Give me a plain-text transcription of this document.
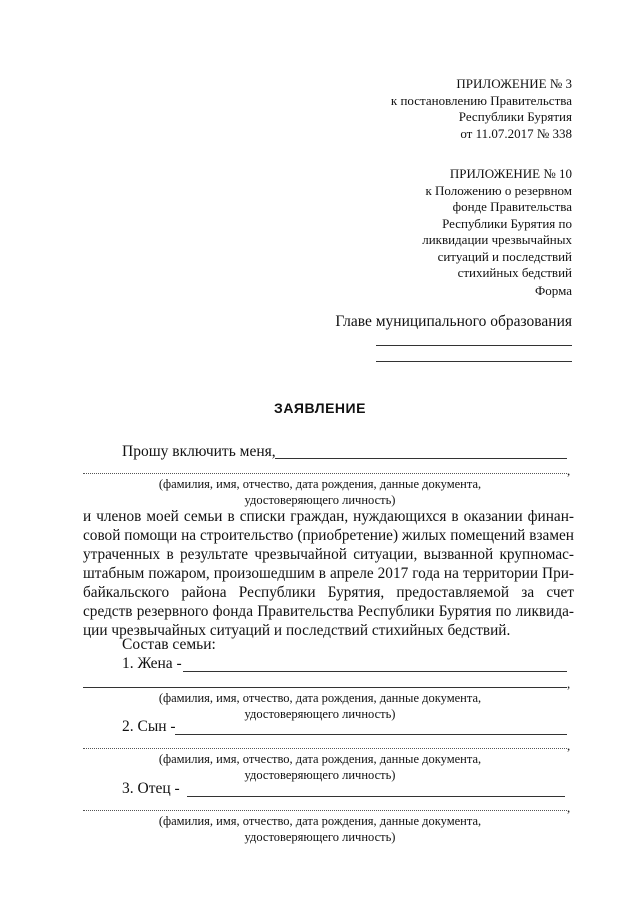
ПРИЛОЖЕНИЕ № 3
к постановлению Правительства
Республики Бурятия
от 11.07.2017 № 338
ПРИЛОЖЕНИЕ № 10
к Положению о резервном
фонде Правительства
Республики Бурятия по
ликвидации чрезвычайных
ситуаций и последствий
стихийных бедствий
Форма
Главе муниципального образования
ЗАЯВЛЕНИЕ
Прошу включить меня,
,
(фамилия, имя, отчество, дата рождения, данные документа,
удостоверяющего личность)
и членов моей семьи в списки граждан, нуждающихся в оказании финан-
совой помощи на строительство (приобретение) жилых помещений взамен
утраченных в результате чрезвычайной ситуации, вызванной крупномас-
штабным пожаром, произошедшим в апреле 2017 года на территории При-
байкальского района Республики Бурятия, предоставляемой за счет
средств резервного фонда Правительства Республики Бурятия по ликвида-
ции чрезвычайных ситуаций и последствий стихийных бедствий.
Состав семьи:
1. Жена -
,
(фамилия, имя, отчество, дата рождения, данные документа,
удостоверяющего личность)
2. Сын -
,
(фамилия, имя, отчество, дата рождения, данные документа,
удостоверяющего личность)
3. Отец -
,
(фамилия, имя, отчество, дата рождения, данные документа,
удостоверяющего личность)
